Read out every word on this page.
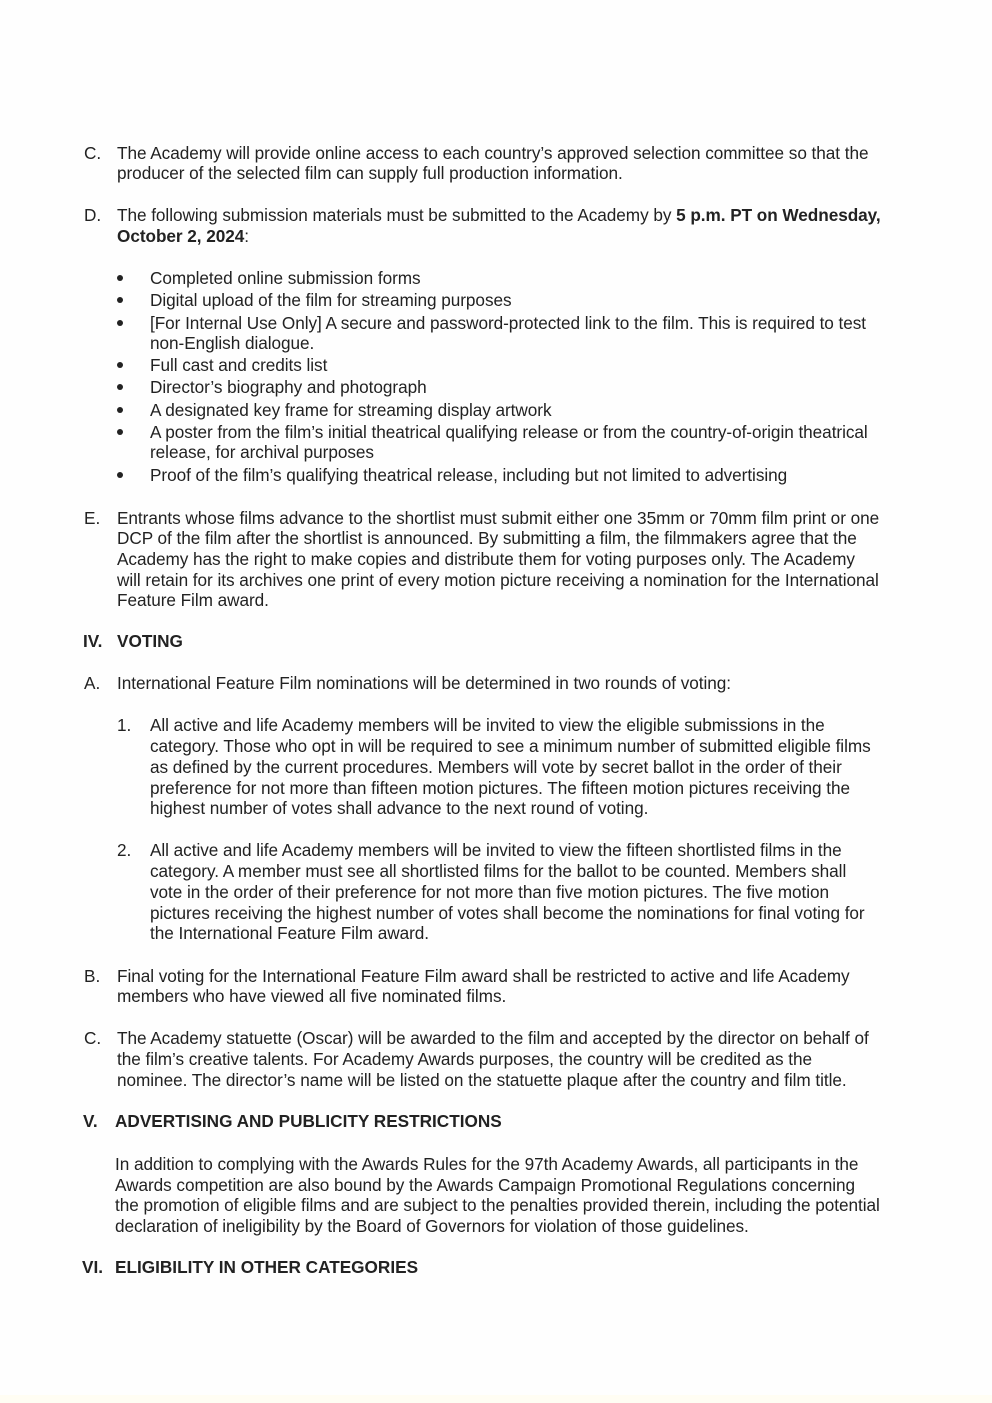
C. The Academy will provide online access to each country’s approved selection committee so that the
producer of the selected film can supply full production information.
D. The following submission materials must be submitted to the Academy by 5 p.m. PT on Wednesday,
October 2, 2024:
Completed online submission forms
Digital upload of the film for streaming purposes
[For Internal Use Only] A secure and password-protected link to the film. This is required to test
non-English dialogue.
Full cast and credits list
Director’s biography and photograph
A designated key frame for streaming display artwork
A poster from the film’s initial theatrical qualifying release or from the country-of-origin theatrical
release, for archival purposes
Proof of the film’s qualifying theatrical release, including but not limited to advertising
E. Entrants whose films advance to the shortlist must submit either one 35mm or 70mm film print or one
DCP of the film after the shortlist is announced. By submitting a film, the filmmakers agree that the
Academy has the right to make copies and distribute them for voting purposes only. The Academy
will retain for its archives one print of every motion picture receiving a nomination for the International
Feature Film award.
IV. VOTING
A. International Feature Film nominations will be determined in two rounds of voting:
1. All active and life Academy members will be invited to view the eligible submissions in the
category. Those who opt in will be required to see a minimum number of submitted eligible films
as defined by the current procedures. Members will vote by secret ballot in the order of their
preference for not more than fifteen motion pictures. The fifteen motion pictures receiving the
highest number of votes shall advance to the next round of voting.
2. All active and life Academy members will be invited to view the fifteen shortlisted films in the
category. A member must see all shortlisted films for the ballot to be counted. Members shall
vote in the order of their preference for not more than five motion pictures. The five motion
pictures receiving the highest number of votes shall become the nominations for final voting for
the International Feature Film award.
B. Final voting for the International Feature Film award shall be restricted to active and life Academy
members who have viewed all five nominated films.
C. The Academy statuette (Oscar) will be awarded to the film and accepted by the director on behalf of
the film’s creative talents. For Academy Awards purposes, the country will be credited as the
nominee. The director’s name will be listed on the statuette plaque after the country and film title.
V. ADVERTISING AND PUBLICITY RESTRICTIONS
In addition to complying with the Awards Rules for the 97th Academy Awards, all participants in the
Awards competition are also bound by the Awards Campaign Promotional Regulations concerning
the promotion of eligible films and are subject to the penalties provided therein, including the potential
declaration of ineligibility by the Board of Governors for violation of those guidelines.
VI. ELIGIBILITY IN OTHER CATEGORIES
